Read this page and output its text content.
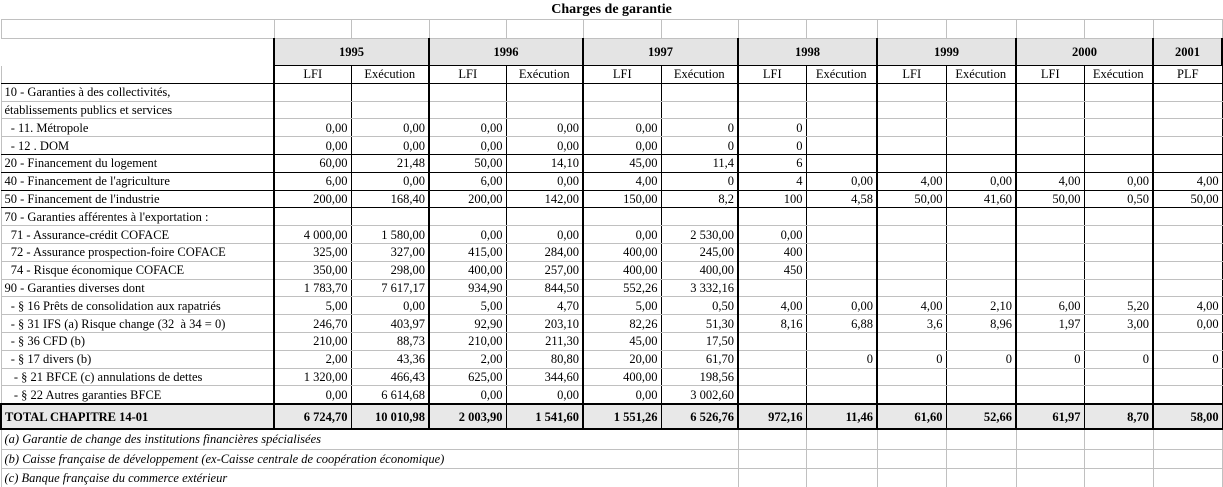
Charges de garantie													

	1995		1996		1997		1998		1999		2000		2001
	LFI	Exécution	LFI	Exécution	LFI	Exécution	LFI	Exécution	LFI	Exécution	LFI	Exécution	PLF
10 - Garanties à des collectivités,													
établissements publics et services													
- 11. Métropole	0,00	0,00	0,00	0,00	0,00	0	0						
- 12 . DOM	0,00	0,00	0,00	0,00	0,00	0	0						
20 - Financement du logement	60,00	21,48	50,00	14,10	45,00	11,4	6						
40 - Financement de l'agriculture	6,00	0,00	6,00	0,00	4,00	0	4	0,00	4,00	0,00	4,00	0,00	4,00
50 - Financement de l'industrie	200,00	168,40	200,00	142,00	150,00	8,2	100	4,58	50,00	41,60	50,00	0,50	50,00
70 - Garanties afférentes à l'exportation :													
71 - Assurance-crédit COFACE	4 000,00	1 580,00	0,00	0,00	0,00	2 530,00	0,00						
72 - Assurance prospection-foire COFACE	325,00	327,00	415,00	284,00	400,00	245,00	400						
74 - Risque économique COFACE	350,00	298,00	400,00	257,00	400,00	400,00	450						
90 - Garanties diverses dont	1 783,70	7 617,17	934,90	844,50	552,26	3 332,16							
- § 16 Prêts de consolidation aux rapatriés	5,00	0,00	5,00	4,70	5,00	0,50	4,00	0,00	4,00	2,10	6,00	5,20	4,00
- § 31 IFS (a) Risque change (32  à 34 = 0)	246,70	403,97	92,90	203,10	82,26	51,30	8,16	6,88	3,6	8,96	1,97	3,00	0,00
- § 36 CFD (b)	210,00	88,73	210,00	211,30	45,00	17,50							
- § 17 divers (b)	2,00	43,36	2,00	80,80	20,00	61,70		0	0	0	0	0	0
- § 21 BFCE (c) annulations de dettes	1 320,00	466,43	625,00	344,60	400,00	198,56							
- § 22 Autres garanties BFCE	0,00	6 614,68	0,00	0,00	0,00	3 002,60							
TOTAL CHAPITRE 14-01	6 724,70	10 010,98	2 003,90	1 541,60	1 551,26	6 526,76	972,16	11,46	61,60	52,66	61,97	8,70	58,00
(a) Garantie de change des institutions financières spécialisées													
(b) Caisse française de développement (ex-Caisse centrale de coopération économique)													
(c) Banque française du commerce extérieur													
